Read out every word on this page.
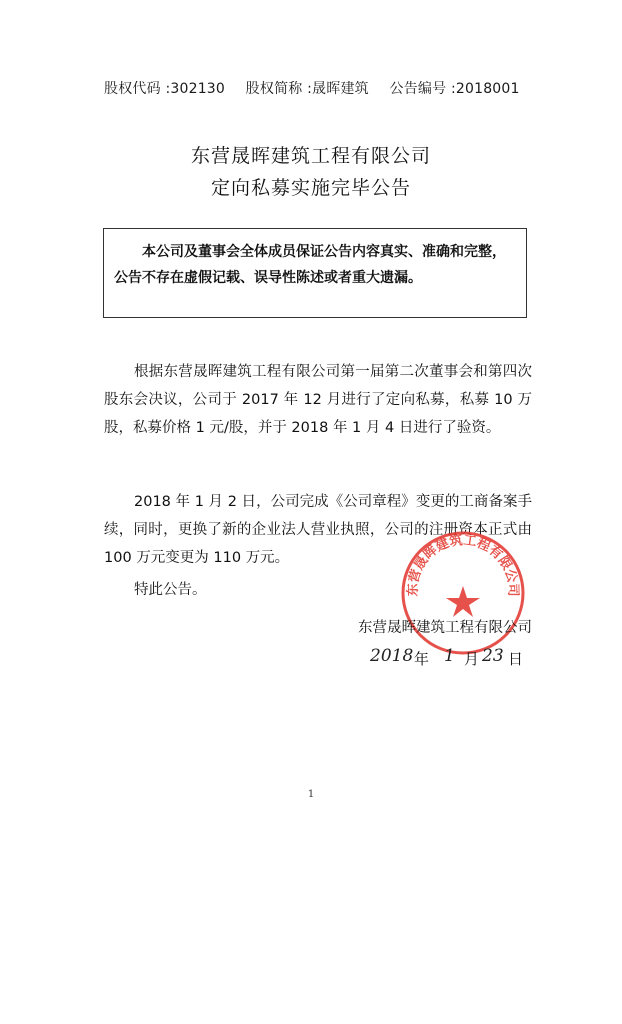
股权代码 :302130 股权简称 :晟晖建筑 公告编号 :2018001
东营晟晖建筑工程有限公司
定向私募实施完毕公告
本公司及董事会全体成员保证公告内容真实、准确和完整，公告不存在虚假记载、误导性陈述或者重大遗漏。
根据东营晟晖建筑工程有限公司第一届第二次董事会和第四次股东会决议，公司于 2017 年 12 月进行了定向私募，私募 10 万股，私募价格 1 元/股，并于 2018 年 1 月 4 日进行了验资。
2018 年 1 月 2 日，公司完成《公司章程》变更的工商备案手续，同时，更换了新的企业法人营业执照，公司的注册资本正式由 100 万元变更为 110 万元。
特此公告。	东营晟晖建筑工程有限公司
东营晟晖建筑工程有限公司
2018 年 1 月 23 日
1
